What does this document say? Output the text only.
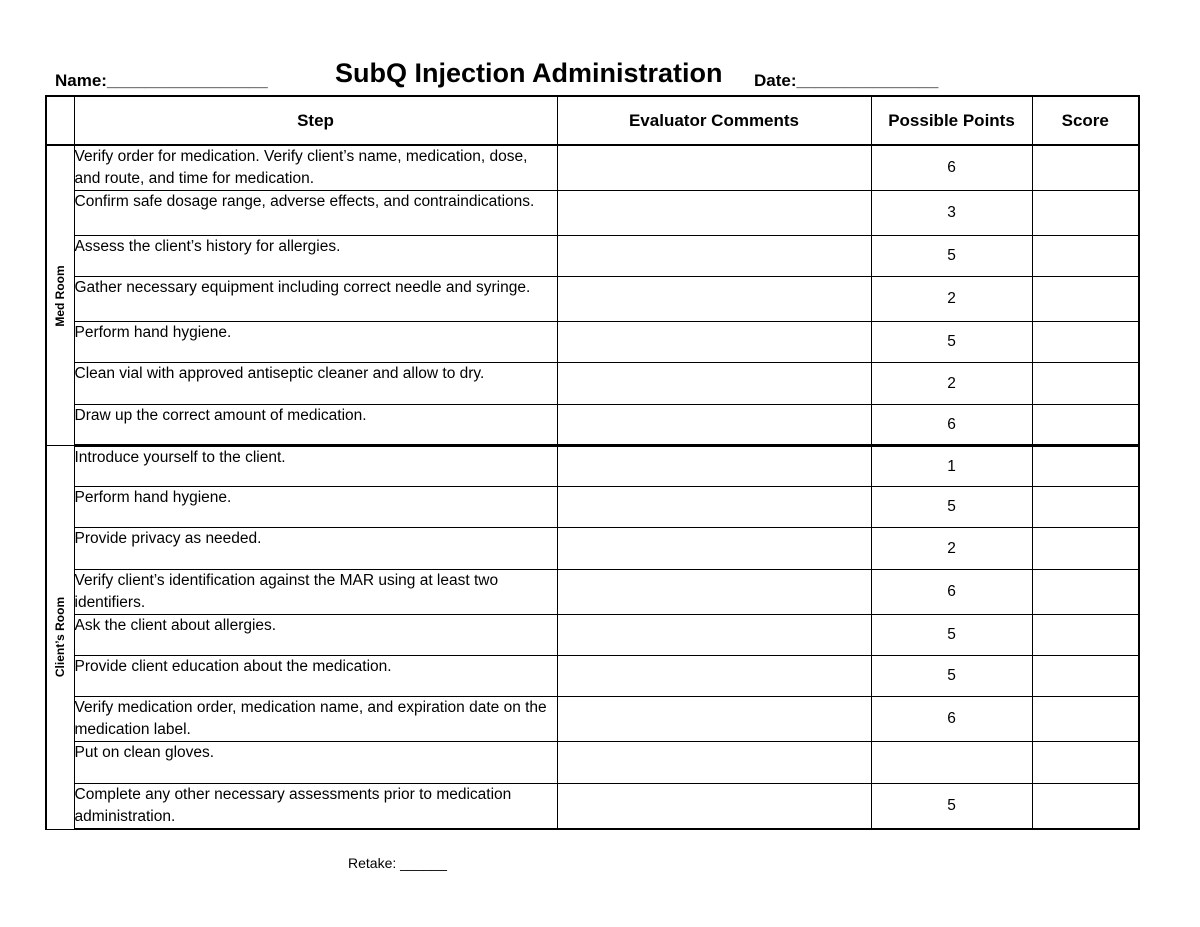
Name:_________________ SubQ Injection Administration Date:_______________
	Step	Evaluator Comments	Possible Points	Score

Med Room	Verify order for medication. Verify client’s name, medication, dose, and route, and time for medication.		6	
	Confirm safe dosage range, adverse effects, and contraindications.		3	
	Assess the client’s history for allergies.		5	
	Gather necessary equipment including correct needle and syringe.		2	
	Perform hand hygiene.		5	
	Clean vial with approved antiseptic cleaner and allow to dry.		2	
	Draw up the correct amount of medication.		6	

Client’s Room	Introduce yourself to the client.		1	
	Perform hand hygiene.		5	
	Provide privacy as needed.		2	
	Verify client’s identification against the MAR using at least two identifiers.		6	
	Ask the client about allergies.		5	
	Provide client education about the medication.		5	
	Verify medication order, medication name, and expiration date on the medication label.		6	
	Put on clean gloves.			
	Complete any other necessary assessments prior to medication administration.		5	
Retake: ______
